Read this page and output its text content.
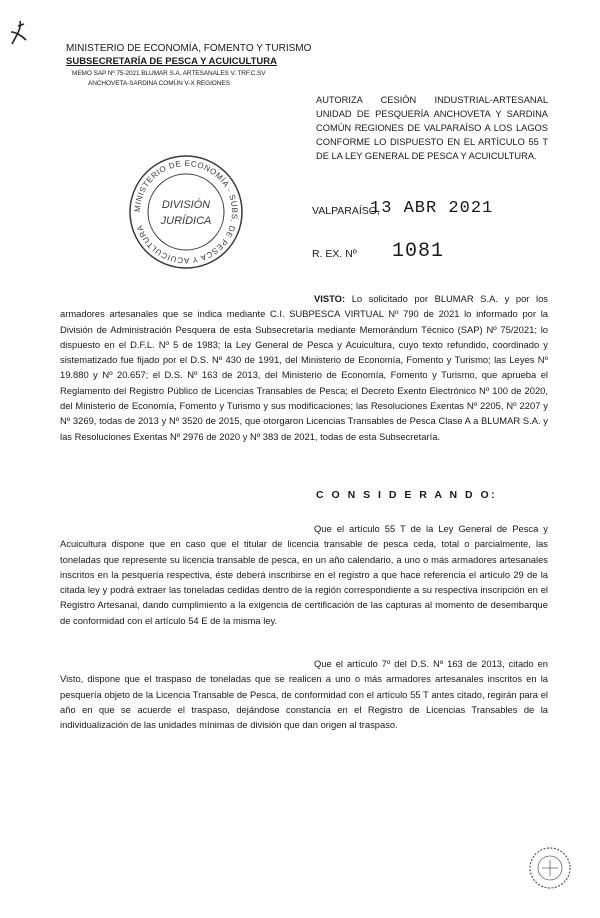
MINISTERIO DE ECONOMÍA, FOMENTO Y TURISMO
SUBSECRETARÍA DE PESCA Y ACUICULTURA
MEMO SAP Nº 75-2021 BLUMAR S.A. ARTESANALES V. TRF.C.SV
ANCHOVETA-SARDINA COMÚN V-X REGIONES
MINISTERIO DE ECONOMÍA - SUBS. DE PESCA Y ACUICULTURA
DIVISIÓN
JURÍDICA
AUTORIZA CESIÓN INDUSTRIAL-ARTESANAL UNIDAD DE PESQUERÍA ANCHOVETA Y SARDINA COMÚN REGIONES DE VALPARAÍSO A LOS LAGOS CONFORME LO DISPUESTO EN EL ARTÍCULO 55 T DE LA LEY GENERAL DE PESCA Y ACUICULTURA.
VALPARAÍSO,
13 ABR 2021
R. EX. Nº 1081
VISTO: Lo solicitado por BLUMAR S.A. y por los armadores artesanales que se indica mediante C.I. SUBPESCA VIRTUAL Nº 790 de 2021 lo informado por la División de Administración Pesquera de esta Subsecretaría mediante Memorándum Técnico (SAP) Nº 75/2021; lo dispuesto en el D.F.L. Nº 5 de 1983; la Ley General de Pesca y Acuicultura, cuyo texto refundido, coordinado y sistematizado fue fijado por el D.S. Nº 430 de 1991, del Ministerio de Economía, Fomento y Turismo; las Leyes Nº 19.880 y Nº 20.657; el D.S. Nº 163 de 2013, del Ministerio de Economía, Fomento y Turismo, que aprueba el Reglamento del Registro Público de Licencias Transables de Pesca; el Decreto Exento Electrónico Nº 100 de 2020, del Ministerio de Economía, Fomento y Turismo y sus modificaciones; las Resoluciones Exentas Nº 2205, Nº 2207 y Nº 3269, todas de 2013 y Nº 3520 de 2015, que otorgaron Licencias Transables de Pesca Clase A a BLUMAR S.A. y las Resoluciones Exentas Nº 2976 de 2020 y Nº 383 de 2021, todas de esta Subsecretaría.
C O N S I D E R A N D O:
Que el artículo 55 T de la Ley General de Pesca y Acuicultura dispone que en caso que el titular de licencia transable de pesca ceda, total o parcialmente, las toneladas que represente su licencia transable de pesca, en un año calendario, a uno o más armadores artesanales inscritos en la pesquería respectiva, éste deberá inscribirse en el registro a que hace referencia el artículo 29 de la citada ley y podrá extraer las toneladas cedidas dentro de la región correspondiente a su respectiva inscripción en el Registro Artesanal, dando cumplimiento a la exigencia de certificación de las capturas al momento de desembarque de conformidad con el artículo 54 E de la misma ley.
Que el artículo 7º del D.S. Nº 163 de 2013, citado en Visto, dispone que el traspaso de toneladas que se realicen a uno o más armadores artesanales inscritos en la pesquería objeto de la Licencia Transable de Pesca, de conformidad con el artículo 55 T antes citado, regirán para el año en que se acuerde el traspaso, dejándose constancia en el Registro de Licencias Transables de la individualización de las unidades mínimas de división que dan origen al traspaso.
